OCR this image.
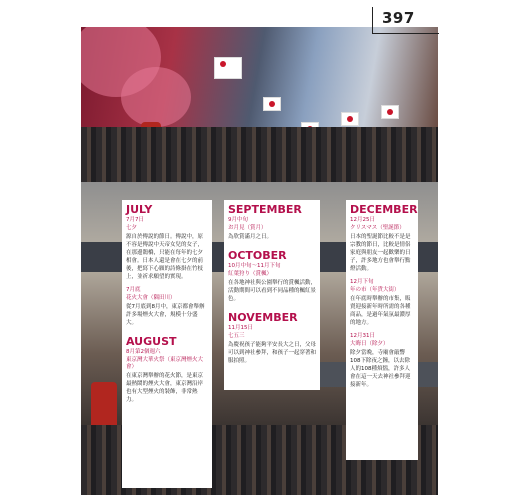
397
JULY
7月7日
七夕
源自於傳說的節日。傳說中，原不容是傳說中天帝女兒的女子，在那邊鵲橋，只能在每年的七夕相會。日本人還是會在七夕的前後，把寫下心願的詩條掛在竹枝上，並祈求願望的實現。
7月底
花火大會（隅田川）
從7月底到8月中，東京都會舉辦許多場煙火大會，規模十分盛大。
AUGUST
8月第2個週六
東京灣大華火祭（東京灣煙火大會）
在東京灣舉辦的花火節，是東京最熱鬧的煙火大會，東京灣沿岸也有大型煙火的裝飾，非常熱力。
SEPTEMBER
9月中旬
お月見（賞月）
為欣賞滿月之日。
OCTOBER
10月中旬～11月下旬
紅葉狩り（賞楓）
在各地神社與公園舉行的賞楓活動，活動期間可以看到不同品種的楓紅景色。
NOVEMBER
11月15日
七五三
為慶祝孩子能夠平安長大之日，父母可以到神社參拜，和孩子一起穿著和服拍照。
DECEMBER
12月25日
クリスマス（聖誕節）
日本的聖誕節比較不是是宗教的節日，比較是情侶家庭與朋友一起歡樂的日子，許多地方也會舉行點燈活動。
12月下旬
年の市（年貨大街）
在年底時舉辦的市集，販賣迎接新年時所需的各種商品，是過年氣氛最濃厚的地方。
12月31日
大晦日（除夕）
除夕當晚，寺廟會敲響108下除夜之鐘，以去除人的108種煩惱，許多人會在這一天去神社參拜迎接新年。
